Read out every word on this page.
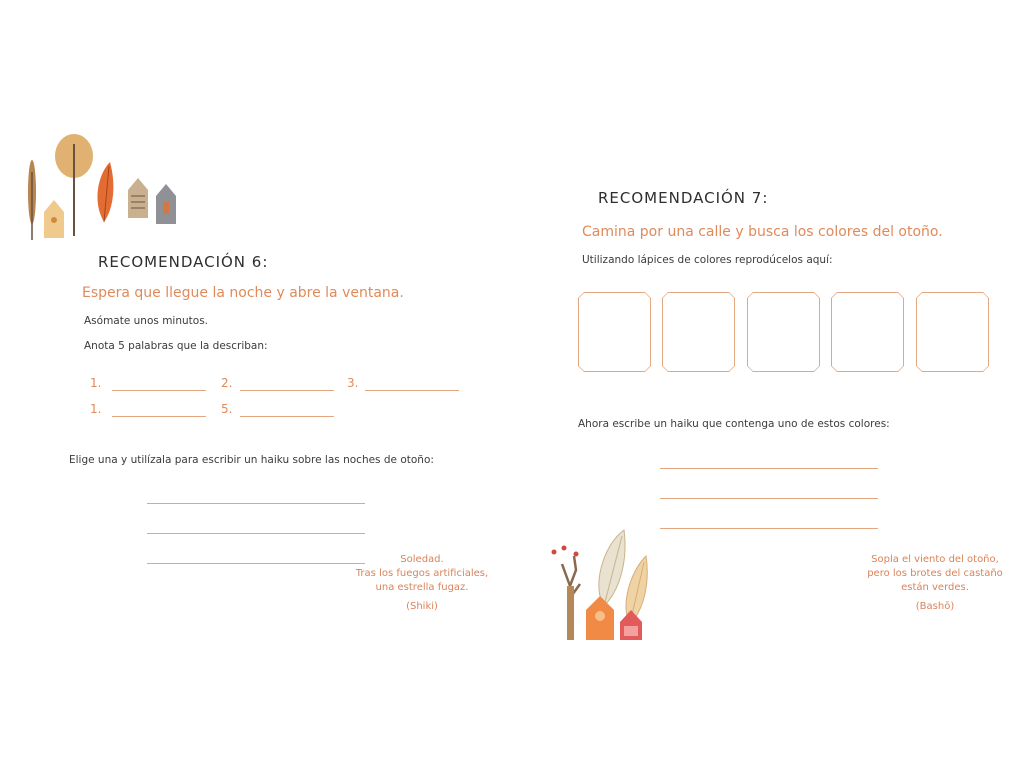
RECOMENDACIÓN 6:
Espera que llegue la noche y abre la ventana.
Asómate unos minutos.
Anota 5 palabras que la describan:
1.	2.	3.
1.	5.
Elige una y utilízala para escribir un haiku sobre las noches de otoño:
Soledad.
Tras los fuegos artificiales,
una estrella fugaz.
(Shiki)
RECOMENDACIÓN 7:
Camina por una calle y busca los colores del otoño.
Utilizando lápices de colores reprodúcelos aquí:
Ahora escribe un haiku que contenga uno de estos colores:
Sopla el viento del otoño,
pero los brotes del castaño
están verdes.
(Bashō)
